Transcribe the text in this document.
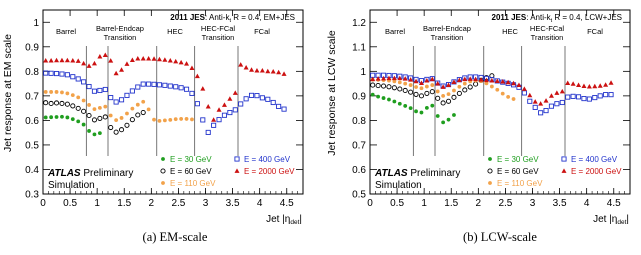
Jet response at EM scale
0 0.5 1 1.5 2 2.5 3 3.5 4 4.5
0.3
0.4
0.5
0.6
0.7
0.8
0.9
1
Barrel	Barrel-Endcap
Transition
HEC HEC-FCal
Transition
FCal
2011 JES: Anti-$k_t$ R = 0.4, EM+JES
E = 30 GeV
E = 60 GeV
E = 110 GeV
E = 400 GeV
E = 2000 GeV
ATLAS Preliminary
Simulation
Jet $|\eta_{det}|$
Jet response at LCW scale
0 0.5 1 1.5 2 2.5 3 3.5 4 4.5
0.5
0.6
0.7
0.8
0.9
1
1.1
1.2
Barrel Barrel-Endcap
Transition
HEC HEC-FCal
Transition
FCal
2011 JES: Anti-$k_t$ R = 0.4, LCW+JES
E = 30 GeV
E = 60 GeV
E = 110 GeV
E = 400 GeV
E = 2000 GeV
ATLAS Preliminary
Simulation
Jet $|\eta_{det}|$
(a) EM-scale	(b) LCW-scale
